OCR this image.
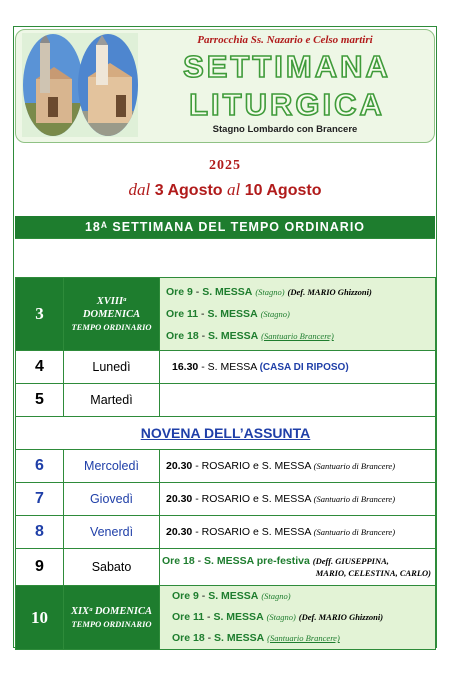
Parrocchia Ss. Nazario e Celso martiri
SETTIMANA
LITURGICA
Stagno Lombardo con Brancere
2025
dal 3 Agosto al 10 Agosto
18ᴬ SETTIMANA DEL TEMPO ORDINARIO
3	XVIIIᵃ
DOMENICA
TEMPO ORDINARIO	Ore 9 - S. MESSA (Stagno) (Def. MARIO Ghizzoni)
Ore 11 - S. MESSA (Stagno)
Ore 18 - S. MESSA (Santuario Brancere)

4	Lunedì	16.30 - S. MESSA (CASA DI RIPOSO)
5	Martedì	
NOVENA DELL’ASSUNTA		
6	Mercoledì	20.30 - ROSARIO e S. MESSA (Santuario di Brancere)
7	Giovedì	20.30 - ROSARIO e S. MESSA (Santuario di Brancere)
8	Venerdì	20.30 - ROSARIO e S. MESSA (Santuario di Brancere)
9	Sabato	Ore 18 - S. MESSA pre-festiva (Deff. GIUSEPPINA,
MARIO, CELESTINA, CARLO)

10	XIXᵃ DOMENICA
TEMPO ORDINARIO	Ore 9 - S. MESSA (Stagno)
Ore 11 - S. MESSA (Stagno) (Def. MARIO Ghizzoni)
Ore 18 - S. MESSA (Santuario Brancere)
